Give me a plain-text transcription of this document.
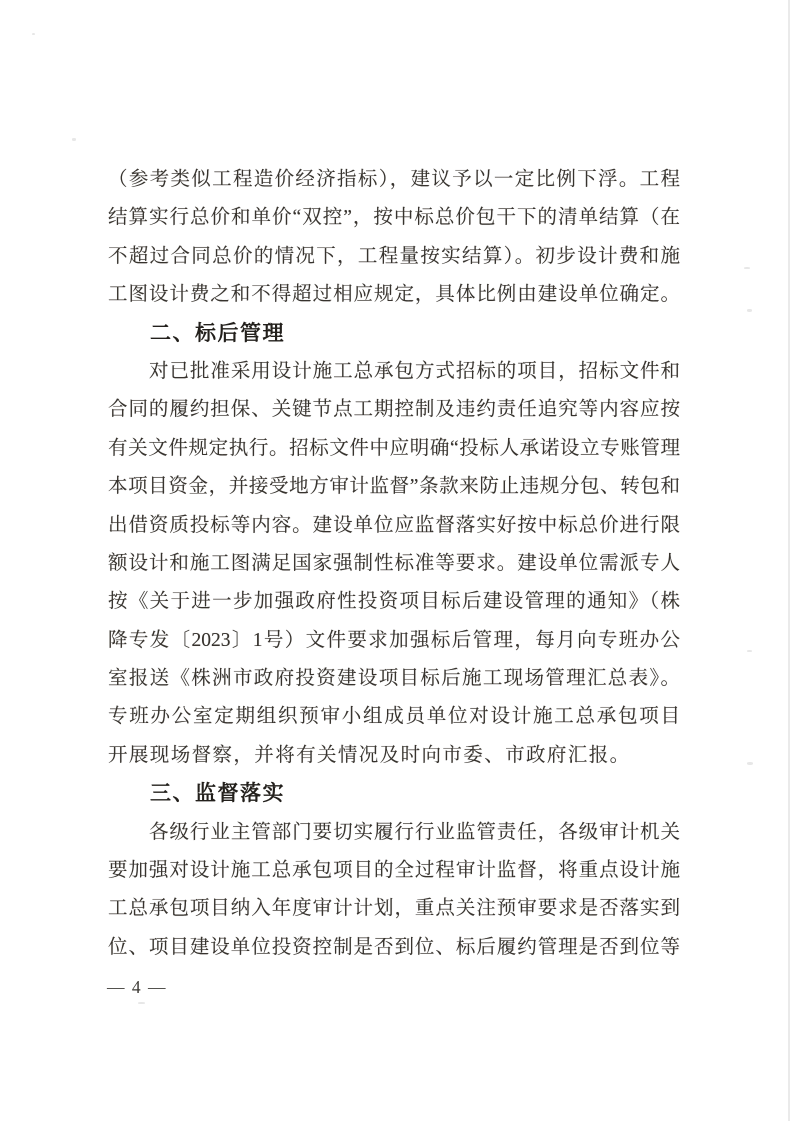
（参考类似工程造价经济指标），建议予以一定比例下浮。工程
结算实行总价和单价“双控”，按中标总价包干下的清单结算（在
不超过合同总价的情况下，工程量按实结算）。初步设计费和施
工图设计费之和不得超过相应规定，具体比例由建设单位确定。
二、标后管理
对已批准采用设计施工总承包方式招标的项目，招标文件和
合同的履约担保、关键节点工期控制及违约责任追究等内容应按
有关文件规定执行。招标文件中应明确“投标人承诺设立专账管理
本项目资金，并接受地方审计监督”条款来防止违规分包、转包和
出借资质投标等内容。建设单位应监督落实好按中标总价进行限
额设计和施工图满足国家强制性标准等要求。建设单位需派专人
按《关于进一步加强政府性投资项目标后建设管理的通知》（株
降专发〔2023〕1号）文件要求加强标后管理，每月向专班办公
室报送《株洲市政府投资建设项目标后施工现场管理汇总表》。
专班办公室定期组织预审小组成员单位对设计施工总承包项目
开展现场督察，并将有关情况及时向市委、市政府汇报。
三、监督落实
各级行业主管部门要切实履行行业监管责任，各级审计机关
要加强对设计施工总承包项目的全过程审计监督，将重点设计施
工总承包项目纳入年度审计计划，重点关注预审要求是否落实到
位、项目建设单位投资控制是否到位、标后履约管理是否到位等
— 4 —
